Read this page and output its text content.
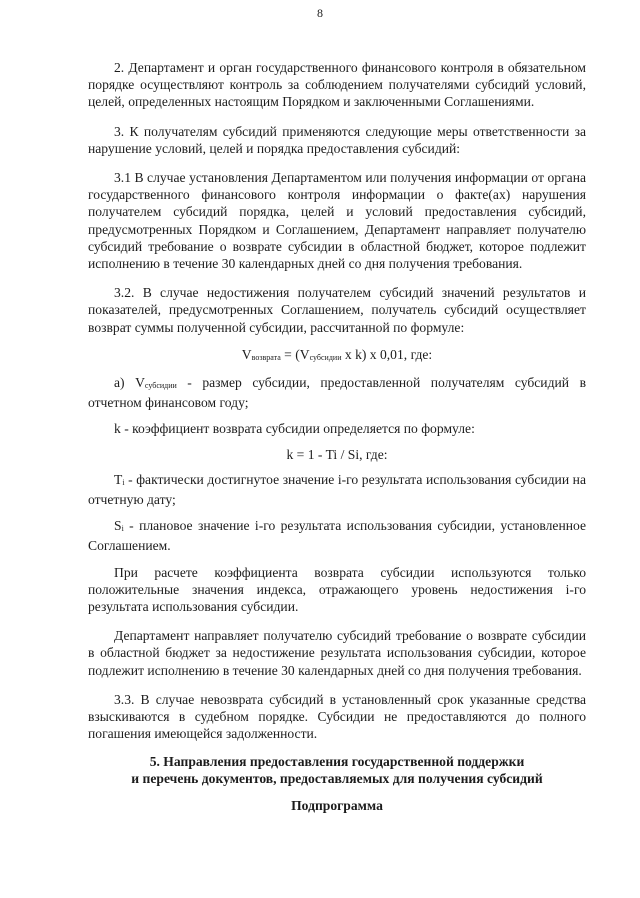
8

2. Департамент и орган государственного финансового контроля в обязательном порядке осуществляют контроль за соблюдением получателями субсидий условий, целей, определенных настоящим Порядком и заключенными Соглашениями.

3. К получателям субсидий применяются следующие меры ответственности за нарушение условий, целей и порядка предоставления субсидий:

3.1 В случае установления Департаментом или получения информации от органа государственного финансового контроля информации о факте(ах) нарушения получателем субсидий порядка, целей и условий предоставления субсидий, предусмотренных Порядком и Соглашением, Департамент направляет получателю субсидий требование о возврате субсидии в областной бюджет, которое подлежит исполнению в течение 30 календарных дней со дня получения требования.

3.2. В случае недостижения получателем субсидий значений результатов и показателей, предусмотренных Соглашением, получатель субсидий осуществляет возврат суммы полученной субсидии, рассчитанной по формуле:

$V_{возврата} = (V_{субсидии}$ x k) x 0,01, где:

а) $V_{субсидии}$ - размер субсидии, предоставленной получателям субсидий в отчетном финансовом году;

k - коэффициент возврата субсидии определяется по формуле:

k = 1 - Ti / Si, где:

$T_i$ - фактически достигнутое значение i-го результата использования субсидии на отчетную дату;

$S_i$ - плановое значение i-го результата использования субсидии, установленное Соглашением.

При расчете коэффициента возврата субсидии используются только положительные значения индекса, отражающего уровень недостижения i-го результата использования субсидии.

Департамент направляет получателю субсидий требование о возврате субсидии в областной бюджет за недостижение результата использования субсидии, которое подлежит исполнению в течение 30 календарных дней со дня получения требования.

3.3. В случае невозврата субсидий в установленный срок указанные средства взыскиваются в судебном порядке. Субсидии не предоставляются до полного погашения имеющейся задолженности.

5. Направления предоставления государственной поддержки

и перечень документов, предоставляемых для получения субсидий

Подпрограмма
